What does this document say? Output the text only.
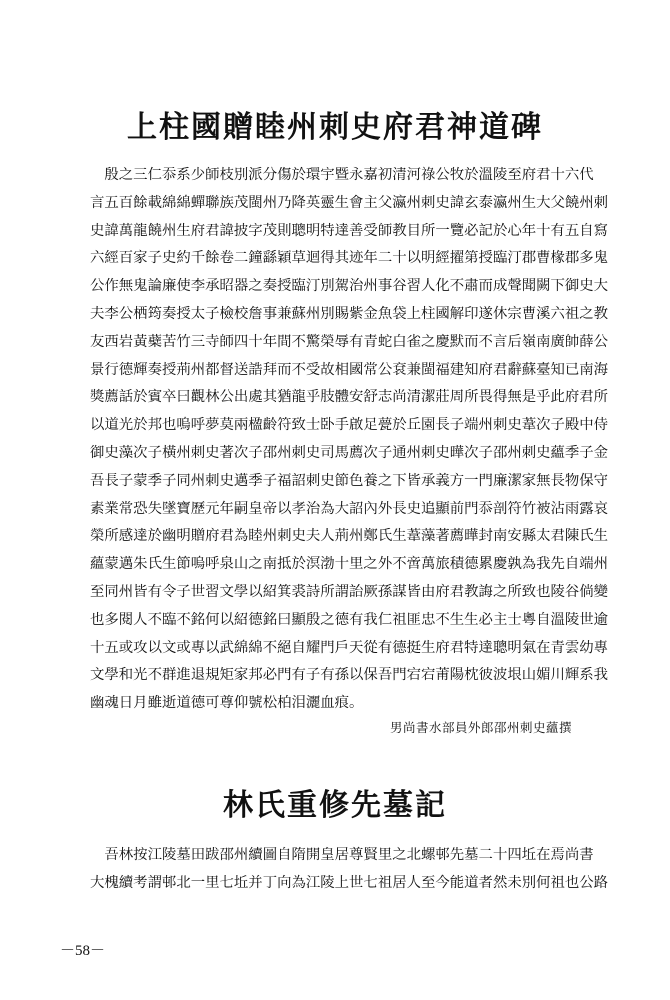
上柱國贈睦州刺史府君神道碑
　殷之三仁忝系少師枝別派分傷於環宇暨永嘉初清河祿公牧於溫陵至府君十六代
言五百餘載綿綿蟬聯族茂閩州乃降英靈生會主父瀛州刺史諱玄泰瀛州生大父饒州刺
史諱萬龍饒州生府君諱披字茂則聰明特達善受師教目所一覽必記於心年十有五自寫
六經百家子史約千餘卷二鐘繇穎草迴得其迹年二十以明經擢第授臨汀郡曹椽郡多鬼
公作無鬼論廉使李承昭器之奏授臨汀別駕治州事谷習人化不肅而成聲聞闕下御史大
夫李公栖筠奏授太子檢校詹事兼蘇州別賜紫金魚袋上柱國解印遂休宗曹溪六祖之教
友西岩黃蘗苦竹三寺師四十年間不驚榮辱有青蛇白雀之慶默而不言后嶺南廣帥薛公
景行德輝奏授荊州都督送誥拜而不受故相國常公袞兼閩福建知府君辭蘇臺知已南海
獎薦話於賓卒曰觀林公出處其猶龍乎肢體安舒志尚清潔莊周所畏得無是乎此府君所
以道光於邦也嗚呼夢莫兩楹齡符致士卧手啟足甍於丘園長子端州刺史葦次子殿中侍
御史藻次子橫州刺史著次子邵州刺史司馬薦次子通州刺史曄次子邵州刺史蘊季子金
吾長子蒙季子同州刺史邁季子福詔刺史節色養之下皆承義方一門廉潔家無長物保守
素業常恐失墜寶歷元年嗣皇帝以孝治為大詔內外長史追顯前門忝剖符竹被沾雨露哀
榮所感達於幽明贈府君為睦州刺史夫人荊州鄭氏生葦藻著薦曄封南安縣太君陳氏生
蘊蒙邁朱氏生節嗚呼泉山之南抵於溟渤十里之外不啻萬旅積德累慶孰為我先自端州
至同州皆有令子世習文學以紹箕裘詩所謂詒厥孫謀皆由府君教誨之所致也陵谷倘變
也多閱人不臨不銘何以紹德銘曰顯殷之德有我仁祖匪忠不生生必主士粵自溫陵世逾
十五或攻以文或專以武綿綿不絕自耀門戶天從有德挺生府君特達聰明氣在青雲幼專
文學和光不群進退規矩家邦必門有子有孫以保吾門宕宕莆陽枕彼波垠山媚川輝系我
幽魂日月雖逝道德可尊仰號松柏泪灑血痕。
男尚書水部員外郎邵州刺史蘊撰
林氏重修先墓記
　吾林按江陵墓田跋邵州續圖自隋開皇居尊賢里之北螺邨先墓二十四坵在焉尚書
大槐續考謂邨北一里七坵并丁向為江陵上世七祖居人至今能道者然未別何祖也公路
－58－
